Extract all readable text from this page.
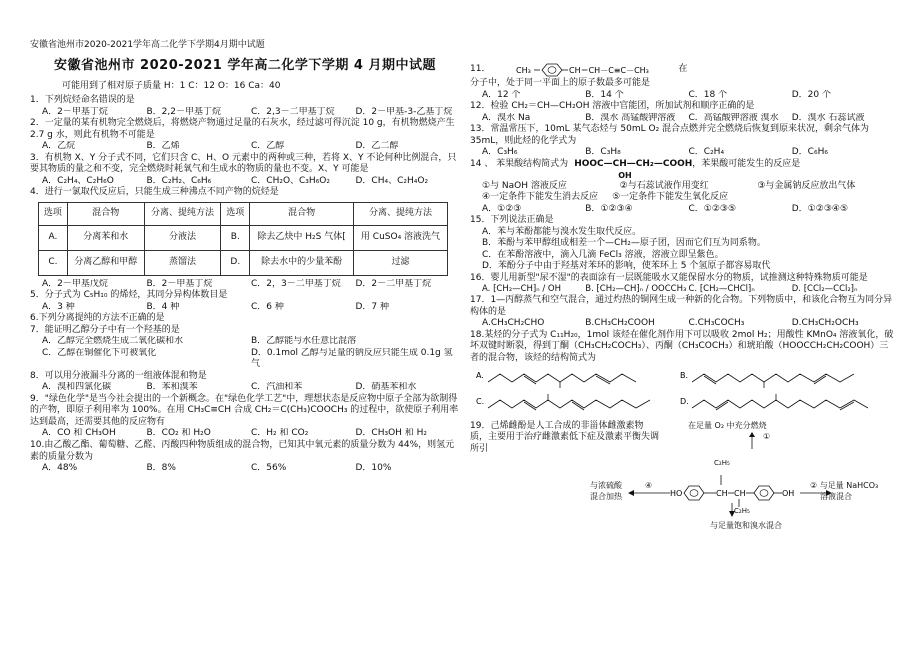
安徽省池州市2020-2021学年高二化学下学期4月期中试题
安徽省池州市 2020-2021 学年高二化学下学期 4 月期中试题
可能用到了相对原子质量 H：1 C：12 O：16 Ca：40
1．下列烷烃命名错误的是
A．2－甲基丁烷	B．2,2－甲基丁烷	C．2,3－二甲基丁烷	D．2－甲基-3-乙基丁烷
2．一定量的某有机物完全燃烧后，将燃烧产物通过足量的石灰水，经过滤可得沉淀 10 g，有机物燃烧产生 2.7 g 水，则此有机物不可能是
A．乙烷	B．乙烯	C．乙醇	D．乙二醇
3．有机物 X、Y 分子式不同，它们只含 C、H、O 元素中的两种或三种，若将 X、Y 不论何种比例混合，只要其物质的量之和不变，完全燃烧时耗氧气和生成水的物质的量也不变。X、Y 可能是
A．C₂H₄、C₂H₆O	B．C₂H₂、C₆H₆	C．CH₂O、C₃H₆O₂	D．CH₄、C₂H₄O₂
4．进行一氯取代反应后，只能生成三种沸点不同产物的烷烃是
选项	混合物	分离、提纯方法	选项	混合物	分离、提纯方法
A.	分离苯和水	分液法	B.	除去乙炔中 H₂S 气体[	用 CuSO₄ 溶液洗气
C.	分离乙醇和甲醇	蒸馏法	D.	除去水中的少量苯酚	过滤
A．2－甲基戊烷	B．2－甲基丁烷	C．2，3－二甲基丁烷	D．2－二甲基丁烷
5．分子式为 C₅H₁₀ 的烯烃，其同分异构体数目是
A．3 种	B．4 种	C．6 种	D．7 种
6.下列分离提纯的方法不正确的是
7．能证明乙醇分子中有一个羟基的是
A．乙醇完全燃烧生成二氧化碳和水	B．乙醇能与水任意比混溶
C．乙醇在铜催化下可被氧化	D．0.1mol 乙醇与足量的钠反应只能生成 0.1g 氢气
8．可以用分液漏斗分离的一组液体混和物是
A．溴和四氯化碳	B．苯和溴苯	C．汽油和苯	D．硝基苯和水
9．"绿色化学"是当今社会提出的一个新概念。在"绿色化学工艺"中，理想状态是反应物中原子全部为欲制得的产物，即原子利用率为 100%。在用 CH₃C≡CH 合成 CH₂＝C(CH₃)COOCH₃ 的过程中，欲使原子利用率达到最高，还需要其他的反应物有
A．CO 和 CH₃OH	B．CO₂ 和 H₂O	C．H₂ 和 CO₂	D．CH₃OH 和 H₂
10.由乙酸乙酯、葡萄糖、乙醛、丙酸四种物质组成的混合物，已知其中氧元素的质量分数为 44%，则氢元素的质量分数为
A．48%	B．8%	C．56%	D．10%
11．	CH₃	CH＝CH－C≡C－CH₃	在
分子中，处于同一平面上的原子数最多可能是
A．12 个	B．14 个	C．18 个	D．20 个
12．检验 CH₂＝CH—CH₂OH 溶液中官能团，所加试剂和顺序正确的是
A．溴水 Na	B．溴水 高锰酸钾溶液	C．高锰酸钾溶液 溴水	D．溴水 石蕊试液
13．常温常压下，10mL 某气态烃与 50mL O₂ 混合点燃并完全燃烧后恢复到原来状况，剩余气体为 35mL，则此烃的化学式为
A．C₃H₆	B．C₃H₈	C．C₂H₄	D．C₆H₆
14 、 苯果酸结构简式为 HOOC—CH—CH₂—COOH
OH
，苯果酸可能发生的反应是
①与 NaOH 溶液反应	②与石蕊试液作用变红	③与金属钠反应放出气体
④一定条件下能发生消去反应 ⑤一定条件下能发生氧化反应
A．①②③	B．①②③④	C．①②③⑤	D．①②③④⑤
15．下列说法正确是
A．苯与苯酚都能与溴水发生取代反应。
B．苯酚与苯甲醇组成相差一个—CH₂—原子团，因而它们互为同系物。
C．在苯酚溶液中，滴入几滴 FeCl₃ 溶液，溶液立即呈紫色。
D．苯酚分子中由于羟基对苯环的影响，使苯环上 5 个氢原子都容易取代
16．婴儿用新型"尿不湿"的表面涂有一层既能吸水又能保留水分的物质，试推测这种特殊物质可能是
A. ⁅CH₂—CH⁆ₙ / OH	B. ⁅CH₂—CH⁆ₙ / OOCCH₃ C. ⁅CH₂—CHCl⁆ₙ	D. ⁅CCl₂—CCl₂⁆ₙ
17．1—丙醇蒸气和空气混合，通过灼热的铜网生成一种新的化合物。下列物质中，和该化合物互为同分异构体的是
A.CH₃CH₂CHO	B.CH₃CH₂COOH	C.CH₃COCH₃	D.CH₃CH₂OCH₃
18.某烃的分子式为 C₁₁H₂₀，1mol 该烃在催化剂作用下可以吸收 2mol H₂；用酸性 KMnO₄ 溶液氧化，破坏双键时断裂，得到丁酮（CH₃CH₂COCH₃）、丙酮（CH₃COCH₃）和琥珀酸（HOOCCH₂CH₂COOH）三者的混合物，该烃的结构简式为
A.	B.
C.	D.
19．己烯雌酚是人工合成的非甾体雌激素物质，主要用于治疗雌激素低下症及激素平衡失调所引
在足量 O₂ 中充分燃烧
①
HO	CH CH	OH
C₂H₅
C₂H₅
与浓硫酸
混合加热
④	② 与足量 NaHCO₃
溶液混合
与足量饱和溴水混合
